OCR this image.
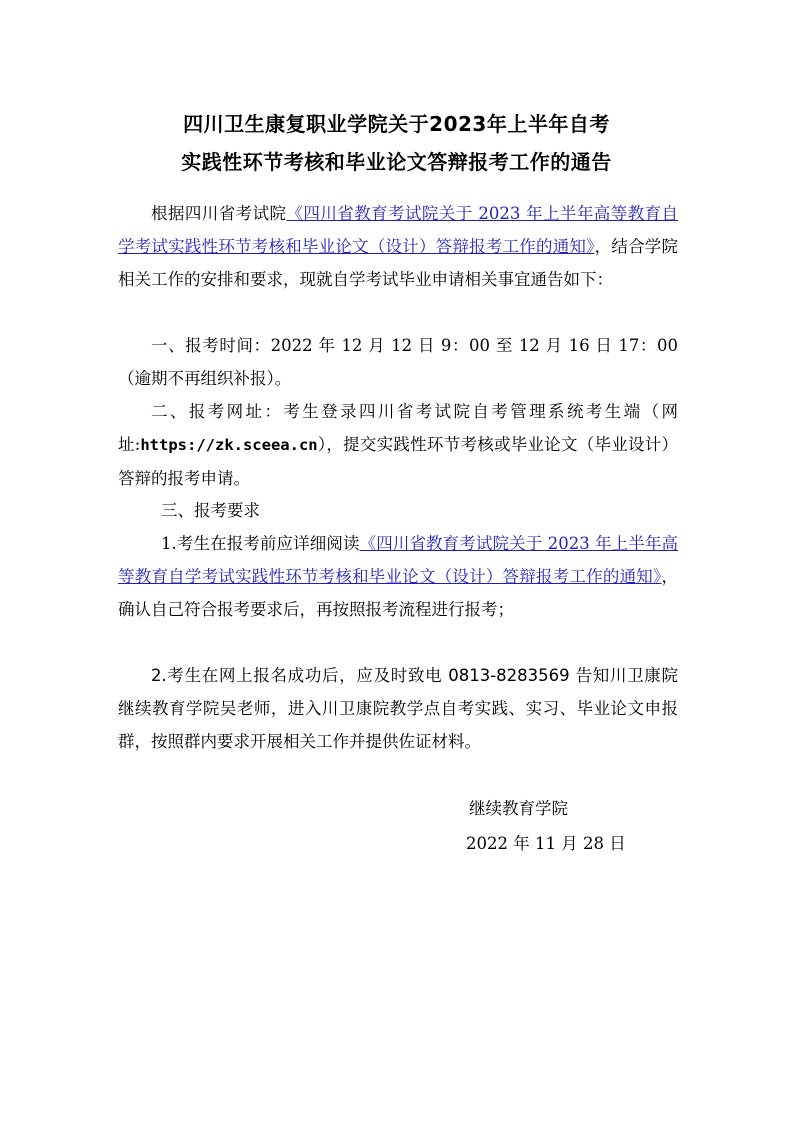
四川卫生康复职业学院关于2023年上半年自考
实践性环节考核和毕业论文答辩报考工作的通告

根据四川省考试院《四川省教育考试院关于 2023 年上半年高等教育自学考试实践性环节考核和毕业论文（设计）答辩报考工作的通知》，结合学院相关工作的安排和要求，现就自学考试毕业申请相关事宜通告如下：

一、报考时间：2022 年 12 月 12 日 9：00 至 12 月 16 日 17：00（逾期不再组织补报）。

二、报考网址：考生登录四川省考试院自考管理系统考生端（网址:https://zk.sceea.cn），提交实践性环节考核或毕业论文（毕业设计）答辩的报考申请。

三、报考要求

1.考生在报考前应详细阅读《四川省教育考试院关于 2023 年上半年高等教育自学考试实践性环节考核和毕业论文（设计）答辩报考工作的通知》，确认自己符合报考要求后，再按照报考流程进行报考；

2.考生在网上报名成功后，应及时致电 0813-8283569 告知川卫康院继续教育学院吴老师，进入川卫康院教学点自考实践、实习、毕业论文申报群，按照群内要求开展相关工作并提供佐证材料。

继续教育学院
2022 年 11 月 28 日
